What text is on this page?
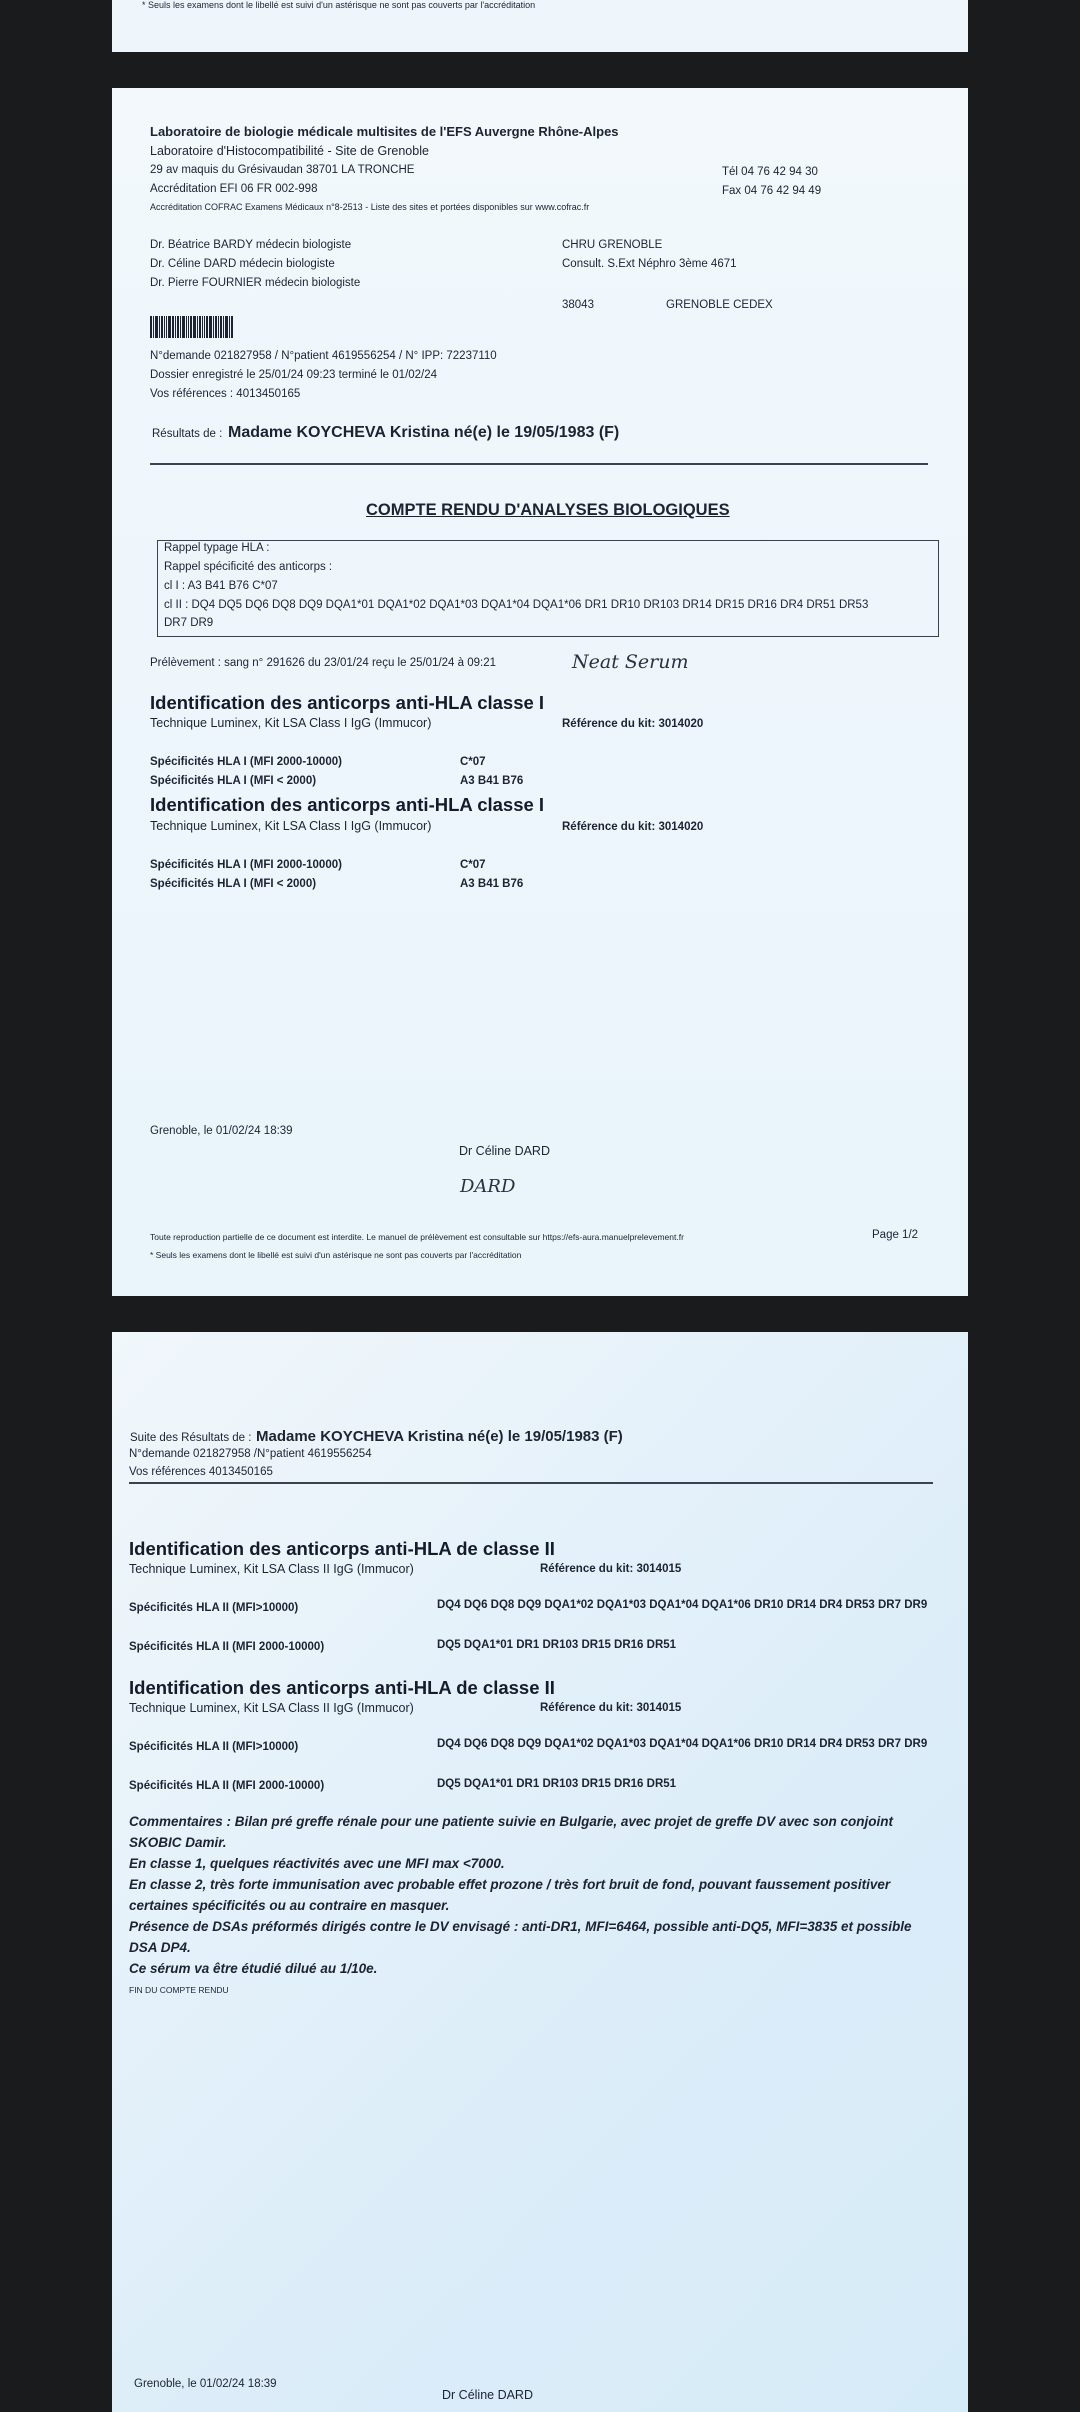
* Seuls les examens dont le libellé est suivi d'un astérisque ne sont pas couverts par l'accréditation
Laboratoire de biologie médicale multisites de l'EFS Auvergne Rhône-Alpes
Laboratoire d'Histocompatibilité - Site de Grenoble
29 av maquis du Grésivaudan 38701 LA TRONCHE
Accréditation EFI 06 FR 002-998
Accréditation COFRAC Examens Médicaux n°8-2513 - Liste des sites et portées disponibles sur www.cofrac.fr
Tél 04 76 42 94 30
Fax 04 76 42 94 49
Dr. Béatrice BARDY médecin biologiste
Dr. Céline DARD médecin biologiste
Dr. Pierre FOURNIER médecin biologiste
CHRU GRENOBLE
Consult. S.Ext Néphro 3ème 4671
38043	GRENOBLE CEDEX
N°demande 021827958 / N°patient 4619556254 / N° IPP: 72237110
Dossier enregistré le 25/01/24 09:23 terminé le 01/02/24
Vos références : 4013450165
Résultats de : Madame KOYCHEVA Kristina né(e) le 19/05/1983 (F)
COMPTE RENDU D'ANALYSES BIOLOGIQUES
Rappel typage HLA :
Rappel spécificité des anticorps :
cl I : A3 B41 B76 C*07
cl II : DQ4 DQ5 DQ6 DQ8 DQ9 DQA1*01 DQA1*02 DQA1*03 DQA1*04 DQA1*06 DR1 DR10 DR103 DR14 DR15 DR16 DR4 DR51 DR53
DR7 DR9
Prélèvement : sang n° 291626 du 23/01/24 reçu le 25/01/24 à 09:21	Neat Serum
Identification des anticorps anti-HLA classe I
Technique Luminex, Kit LSA Class I IgG (Immucor)	Référence du kit: 3014020
Spécificités HLA I (MFI 2000-10000)	C*07
Spécificités HLA I (MFI < 2000)	A3 B41 B76
Identification des anticorps anti-HLA classe I
Technique Luminex, Kit LSA Class I IgG (Immucor)	Référence du kit: 3014020
Spécificités HLA I (MFI 2000-10000)	C*07
Spécificités HLA I (MFI < 2000)	A3 B41 B76
Grenoble, le 01/02/24 18:39
Dr Céline DARD
DARD
Toute reproduction partielle de ce document est interdite. Le manuel de prélèvement est consultable sur https://efs-aura.manuelprelevement.fr	Page 1/2
* Seuls les examens dont le libellé est suivi d'un astérisque ne sont pas couverts par l'accréditation
Suite des Résultats de : Madame KOYCHEVA Kristina né(e) le 19/05/1983 (F)
N°demande 021827958 /N°patient 4619556254
Vos références 4013450165
Identification des anticorps anti-HLA de classe II
Technique Luminex, Kit LSA Class II IgG (Immucor)	Référence du kit: 3014015
Spécificités HLA II (MFI>10000)	DQ4 DQ6 DQ8 DQ9 DQA1*02 DQA1*03 DQA1*04 DQA1*06 DR10 DR14 DR4 DR53 DR7 DR9
Spécificités HLA II (MFI 2000-10000)	DQ5 DQA1*01 DR1 DR103 DR15 DR16 DR51
Identification des anticorps anti-HLA de classe II
Technique Luminex, Kit LSA Class II IgG (Immucor)	Référence du kit: 3014015
Spécificités HLA II (MFI>10000)	DQ4 DQ6 DQ8 DQ9 DQA1*02 DQA1*03 DQA1*04 DQA1*06 DR10 DR14 DR4 DR53 DR7 DR9
Spécificités HLA II (MFI 2000-10000)	DQ5 DQA1*01 DR1 DR103 DR15 DR16 DR51
Commentaires : Bilan pré greffe rénale pour une patiente suivie en Bulgarie, avec projet de greffe DV avec son conjoint SKOBIC Damir.
En classe 1, quelques réactivités avec une MFI max <7000.
En classe 2, très forte immunisation avec probable effet prozone / très fort bruit de fond, pouvant faussement positiver certaines spécificités ou au contraire en masquer.
Présence de DSAs préformés dirigés contre le DV envisagé : anti-DR1, MFI=6464, possible anti-DQ5, MFI=3835 et possible DSA DP4.
Ce sérum va être étudié dilué au 1/10e.
FIN DU COMPTE RENDU
Grenoble, le 01/02/24 18:39
Dr Céline DARD
